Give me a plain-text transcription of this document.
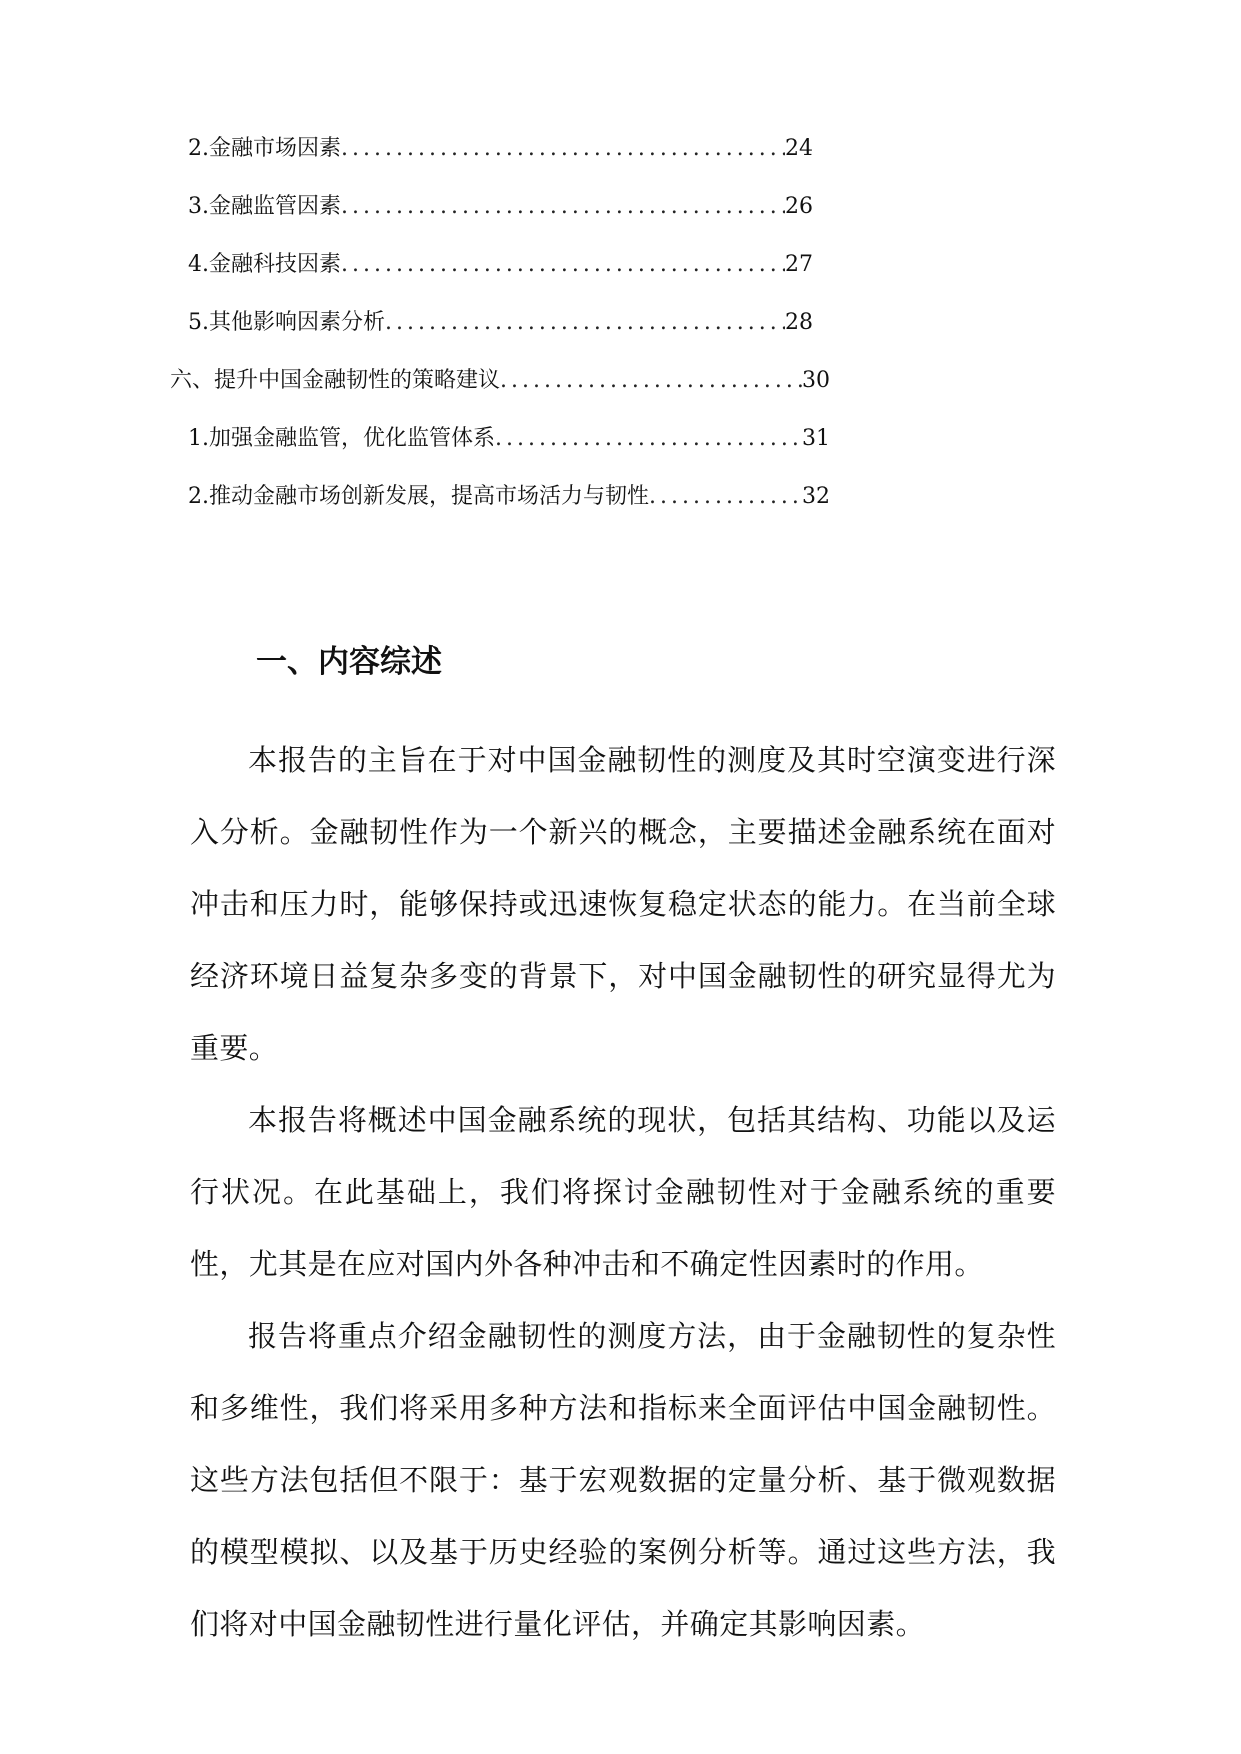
2. 金融市场因素 .....	24
3. 金融监管因素 .....	26
4. 金融科技因素 .....	27
5. 其他影响因素分析 .....	28
六、提升中国金融韧性的策略建议 .....	30
1. 加强金融监管，优化监管体系 .....	31
2. 推动金融市场创新发展，提高市场活力与韧性 .....	32
一、内容综述

本报告的主旨在于对中国金融韧性的测度及其时空演变进行深入分析。金融韧性作为一个新兴的概念，主要描述金融系统在面对冲击和压力时，能够保持或迅速恢复稳定状态的能力。在当前全球经济环境日益复杂多变的背景下，对中国金融韧性的研究显得尤为重要。

本报告将概述中国金融系统的现状，包括其结构、功能以及运行状况。在此基础上，我们将探讨金融韧性对于金融系统的重要性，尤其是在应对国内外各种冲击和不确定性因素时的作用。

报告将重点介绍金融韧性的测度方法，由于金融韧性的复杂性和多维性，我们将采用多种方法和指标来全面评估中国金融韧性。这些方法包括但不限于：基于宏观数据的定量分析、基于微观数据的模型模拟、以及基于历史经验的案例分析等。通过这些方法，我们将对中国金融韧性进行量化评估，并确定其影响因素。
